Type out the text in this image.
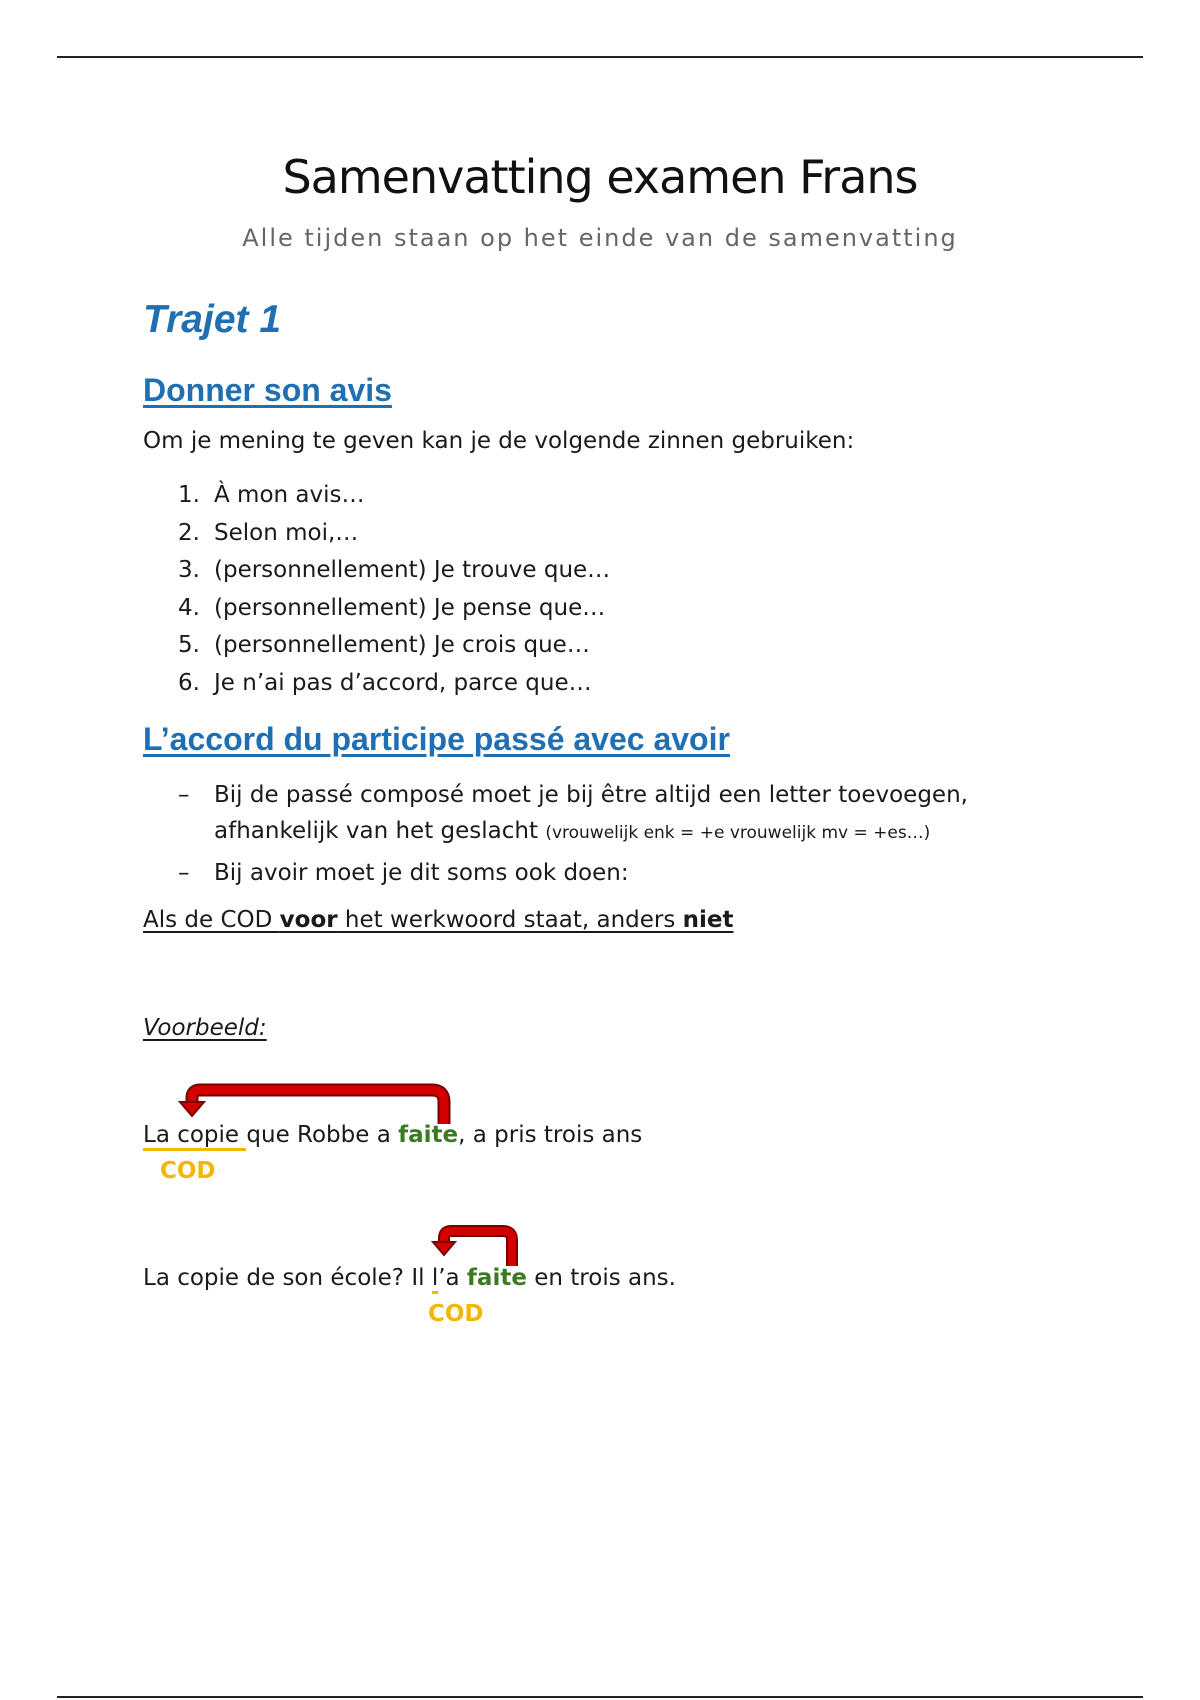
Samenvatting examen Frans
Alle tijden staan op het einde van de samenvatting
Trajet 1
Donner son avis
Om je mening te geven kan je de volgende zinnen gebruiken:
1. À mon avis…
2. Selon moi,…
3. (personnellement) Je trouve que…
4. (personnellement) Je pense que…
5. (personnellement) Je crois que…
6. Je n’ai pas d’accord, parce que…
L’accord du participe passé avec avoir
–	Bij de passé composé moet je bij être altijd een letter toevoegen, afhankelijk van het geslacht (vrouwelijk enk = +e vrouwelijk mv = +es…)
–	Bij avoir moet je dit soms ook doen:
Als de COD voor het werkwoord staat, anders niet
Voorbeeld:
La copie que Robbe a faite, a pris trois ans
COD
La copie de son école? Il l’a faite en trois ans.
COD
